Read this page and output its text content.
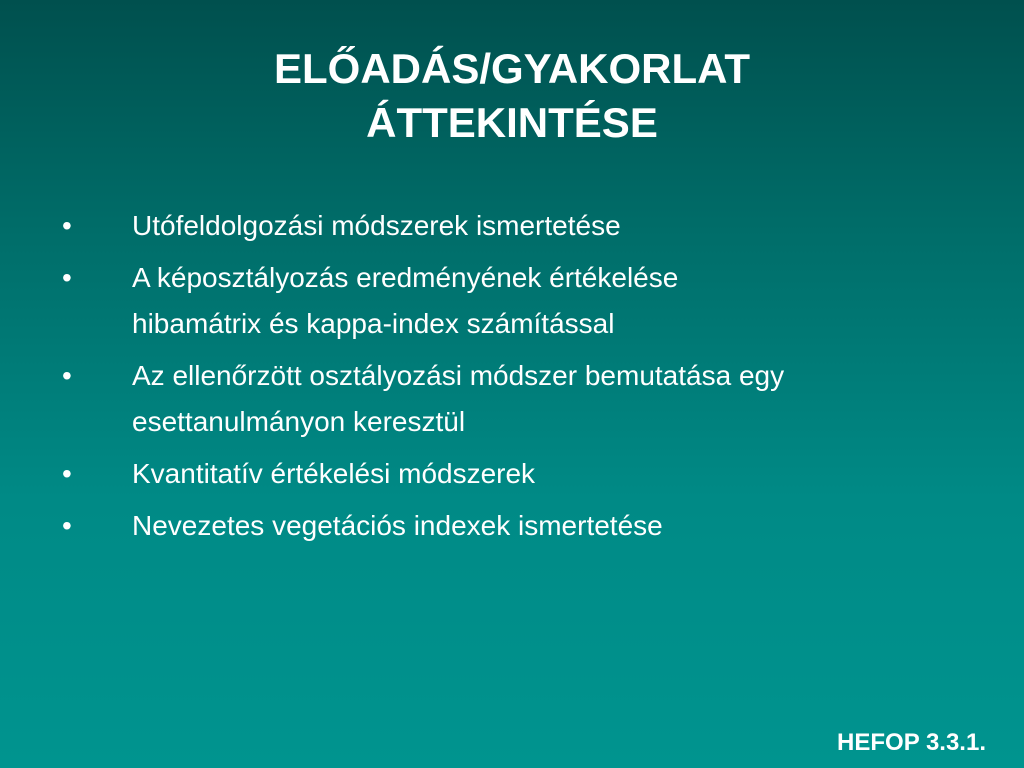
ELŐADÁS/GYAKORLAT
ÁTTEKINTÉSE
• Utófeldolgozási módszerek ismertetése
• A képosztályozás eredményének értékelése
hibamátrix és kappa-index számítással
• Az ellenőrzött osztályozási módszer bemutatása egy
esettanulmányon keresztül
• Kvantitatív értékelési módszerek
• Nevezetes vegetációs indexek ismertetése
HEFOP 3.3.1.
